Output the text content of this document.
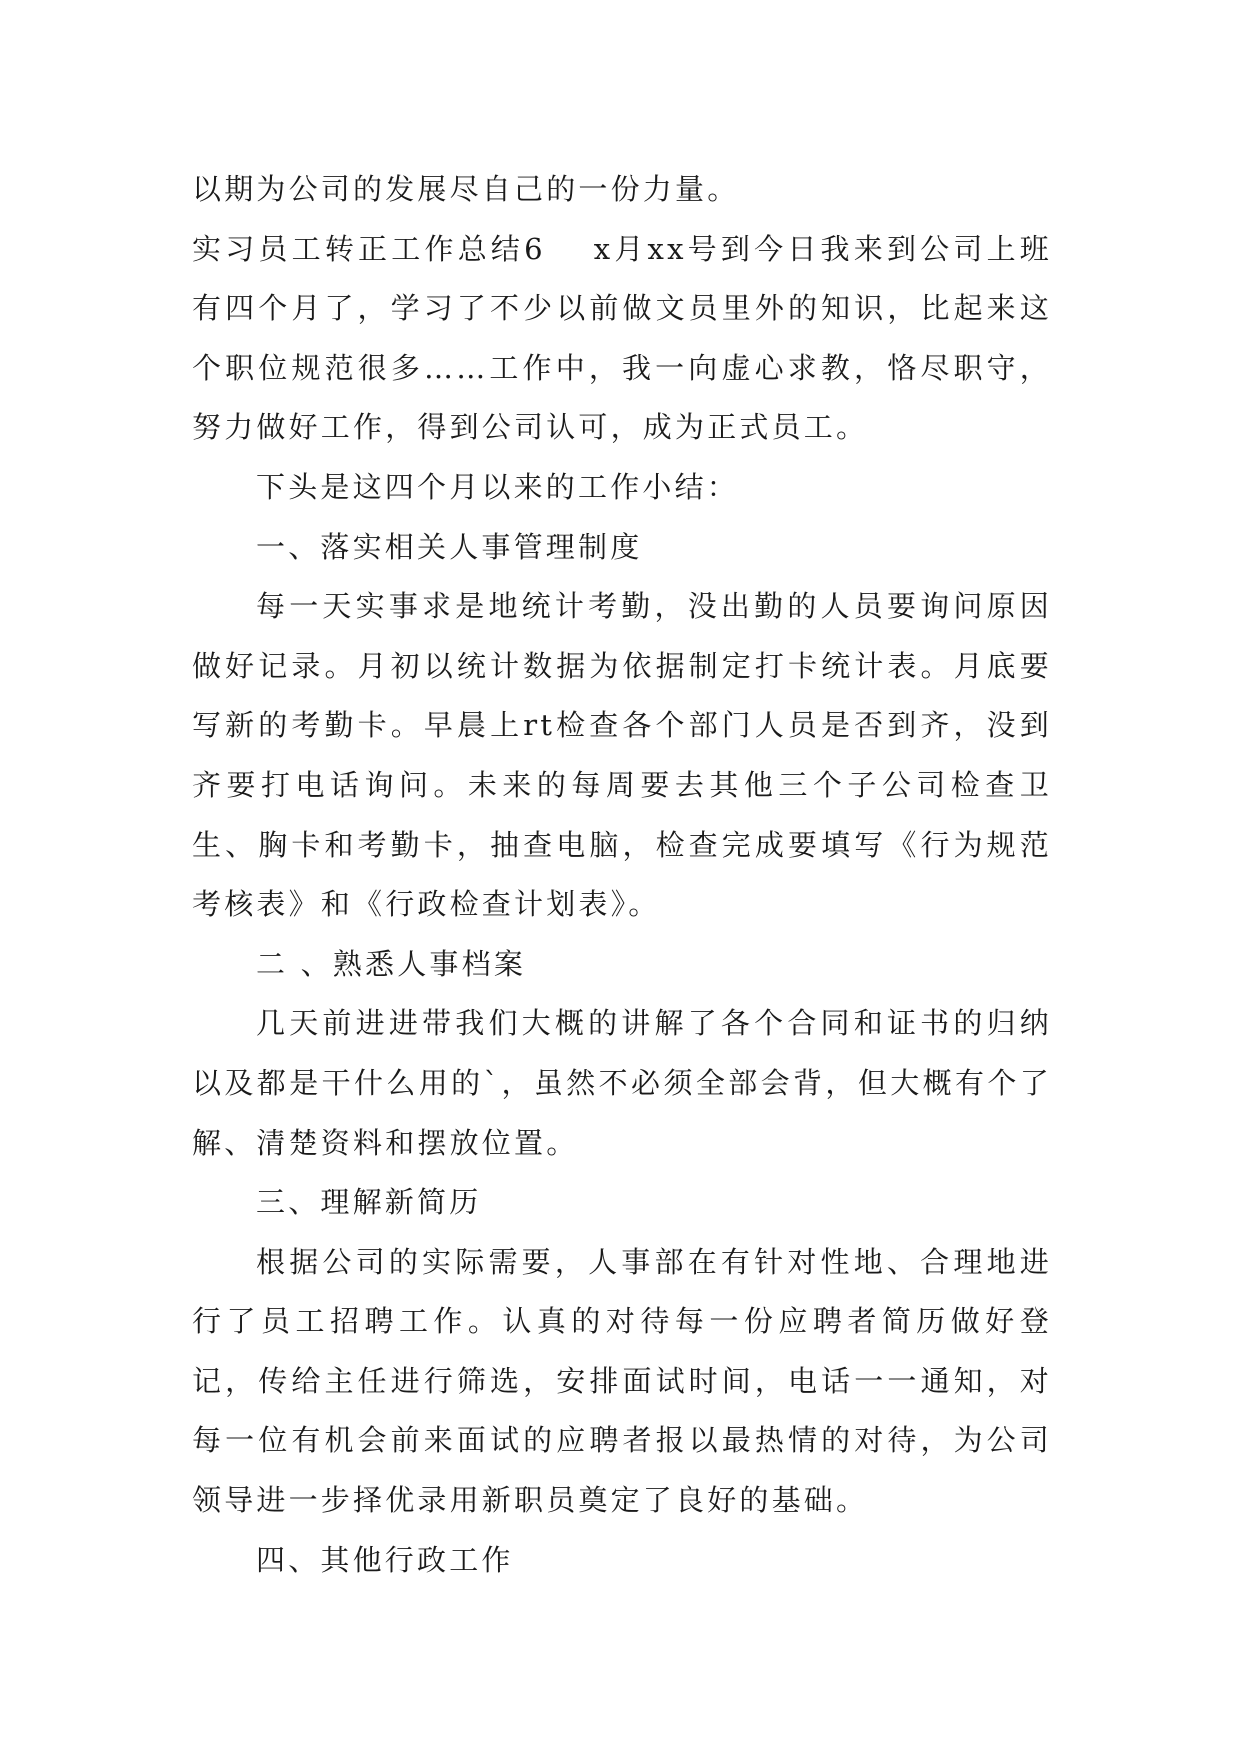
以期为公司的发展尽自己的一份力量。

实习员工转正工作总结6 x月xx号到今日我来到公司上班有四个月了，学习了不少以前做文员里外的知识，比起来这个职位规范很多……工作中，我一向虚心求教，恪尽职守，努力做好工作，得到公司认可，成为正式员工。

下头是这四个月以来的工作小结：

一、落实相关人事管理制度

每一天实事求是地统计考勤，没出勤的人员要询问原因做好记录。月初以统计数据为依据制定打卡统计表。月底要写新的考勤卡。早晨上rt检查各个部门人员是否到齐，没到齐要打电话询问。未来的每周要去其他三个子公司检查卫生、胸卡和考勤卡，抽查电脑，检查完成要填写《行为规范考核表》和《行政检查计划表》。

二 、熟悉人事档案

几天前进进带我们大概的讲解了各个合同和证书的归纳以及都是干什么用的`，虽然不必须全部会背，但大概有个了解、清楚资料和摆放位置。

三、理解新简历

根据公司的实际需要，人事部在有针对性地、合理地进行了员工招聘工作。认真的对待每一份应聘者简历做好登记，传给主任进行筛选，安排面试时间，电话一一通知，对每一位有机会前来面试的应聘者报以最热情的对待，为公司领导进一步择优录用新职员奠定了良好的基础。

四、其他行政工作
